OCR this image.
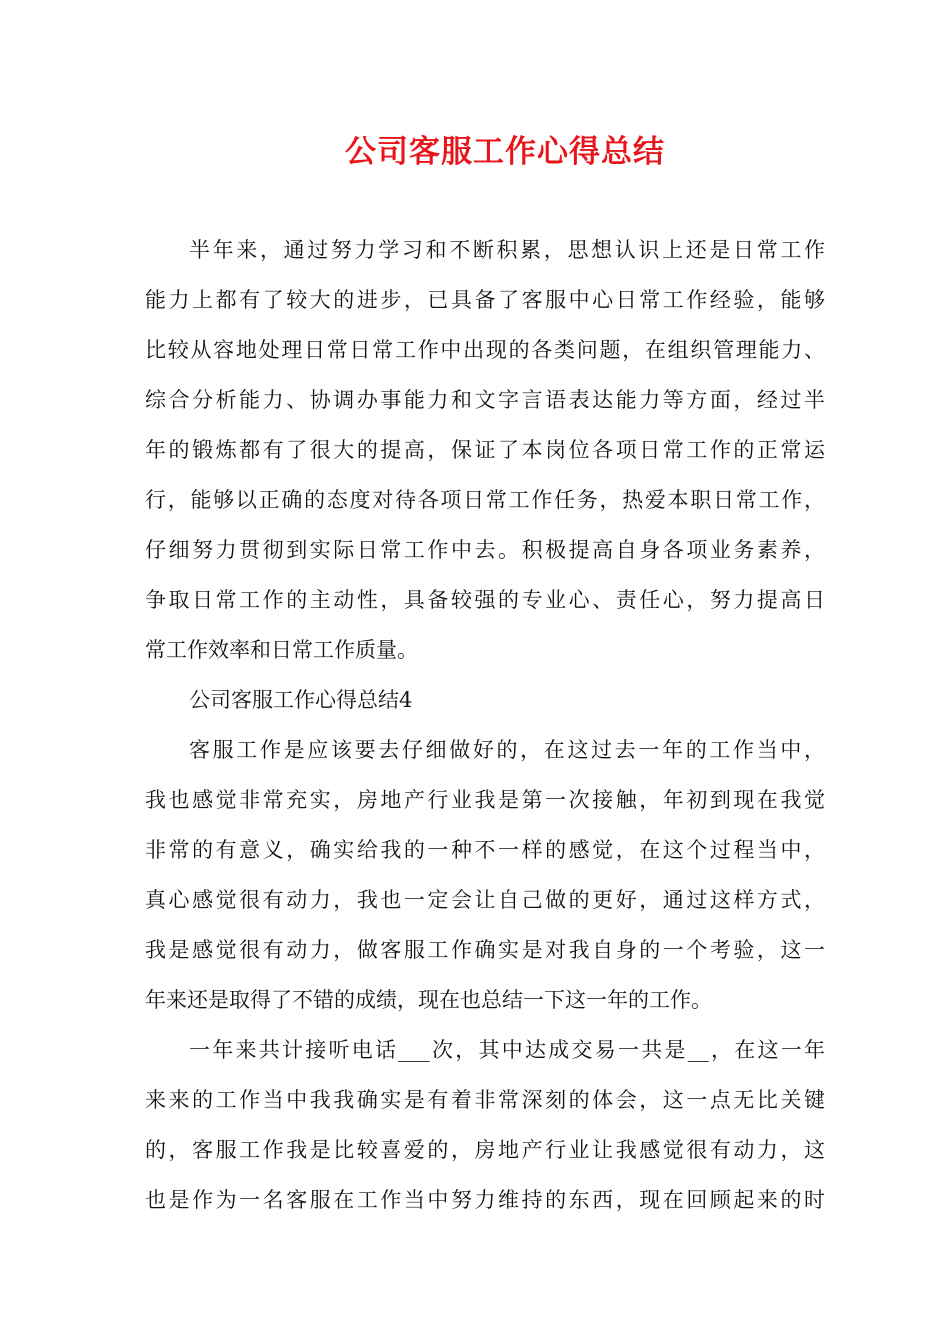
公司客服工作心得总结
半年来，通过努力学习和不断积累，思想认识上还是日常工作
能力上都有了较大的进步，已具备了客服中心日常工作经验，能够
比较从容地处理日常日常工作中出现的各类问题，在组织管理能力、
综合分析能力、协调办事能力和文字言语表达能力等方面，经过半
年的锻炼都有了很大的提高，保证了本岗位各项日常工作的正常运
行，能够以正确的态度对待各项日常工作任务，热爱本职日常工作，
仔细努力贯彻到实际日常工作中去。积极提高自身各项业务素养，
争取日常工作的主动性，具备较强的专业心、责任心，努力提高日
常工作效率和日常工作质量。
公司客服工作心得总结4
客服工作是应该要去仔细做好的，在这过去一年的工作当中，
我也感觉非常充实，房地产行业我是第一次接触，年初到现在我觉
非常的有意义，确实给我的一种不一样的感觉，在这个过程当中，
真心感觉很有动力，我也一定会让自己做的更好，通过这样方式，
我是感觉很有动力，做客服工作确实是对我自身的一个考验，这一
年来还是取得了不错的成绩，现在也总结一下这一年的工作。
一年来共计接听电话___次，其中达成交易一共是__，在这一年
来来的工作当中我我确实是有着非常深刻的体会，这一点无比关键
的，客服工作我是比较喜爱的，房地产行业让我感觉很有动力，这
也是作为一名客服在工作当中努力维持的东西，现在回顾起来的时
